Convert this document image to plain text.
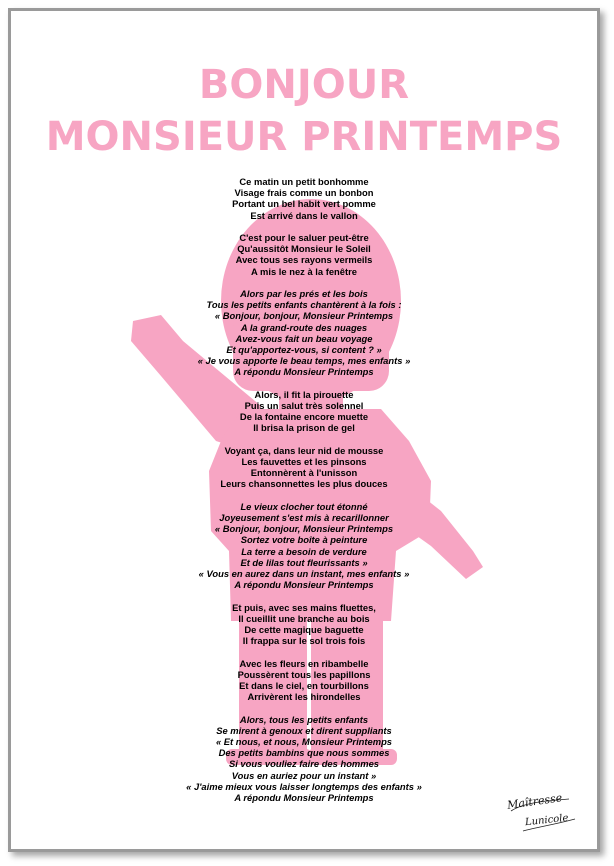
BONJOUR
MONSIEUR PRINTEMPS
Ce matin un petit bonhomme
Visage frais comme un bonbon
Portant un bel habit vert pomme
Est arrivé dans le vallon
C'est pour le saluer peut-être
Qu'aussitôt Monsieur le Soleil
Avec tous ses rayons vermeils
A mis le nez à la fenêtre
Alors par les prés et les bois
Tous les petits enfants chantèrent à la fois :
« Bonjour, bonjour, Monsieur Printemps
A la grand-route des nuages
Avez-vous fait un beau voyage
Et qu'apportez-vous, si content ? »
« Je vous apporte le beau temps, mes enfants »
A répondu Monsieur Printemps
Alors, il fit la pirouette
Puis un salut très solennel
De la fontaine encore muette
Il brisa la prison de gel
Voyant ça, dans leur nid de mousse
Les fauvettes et les pinsons
Entonnèrent à l'unisson
Leurs chansonnettes les plus douces
Le vieux clocher tout étonné
Joyeusement s'est mis à recarillonner
« Bonjour, bonjour, Monsieur Printemps
Sortez votre boîte à peinture
La terre a besoin de verdure
Et de lilas tout fleurissants »
« Vous en aurez dans un instant, mes enfants »
A répondu Monsieur Printemps
Et puis, avec ses mains fluettes,
Il cueillit une branche au bois
De cette magique baguette
Il frappa sur le sol trois fois
Avec les fleurs en ribambelle
Poussèrent tous les papillons
Et dans le ciel, en tourbillons
Arrivèrent les hirondelles
Alors, tous les petits enfants
Se mirent à genoux et dirent suppliants
« Et nous, et nous, Monsieur Printemps
Des petits bambins que nous sommes
Si vous vouliez faire des hommes
Vous en auriez pour un instant »
« J'aime mieux vous laisser longtemps des enfants »
A répondu Monsieur Printemps	Maîtresse
Lunicole
